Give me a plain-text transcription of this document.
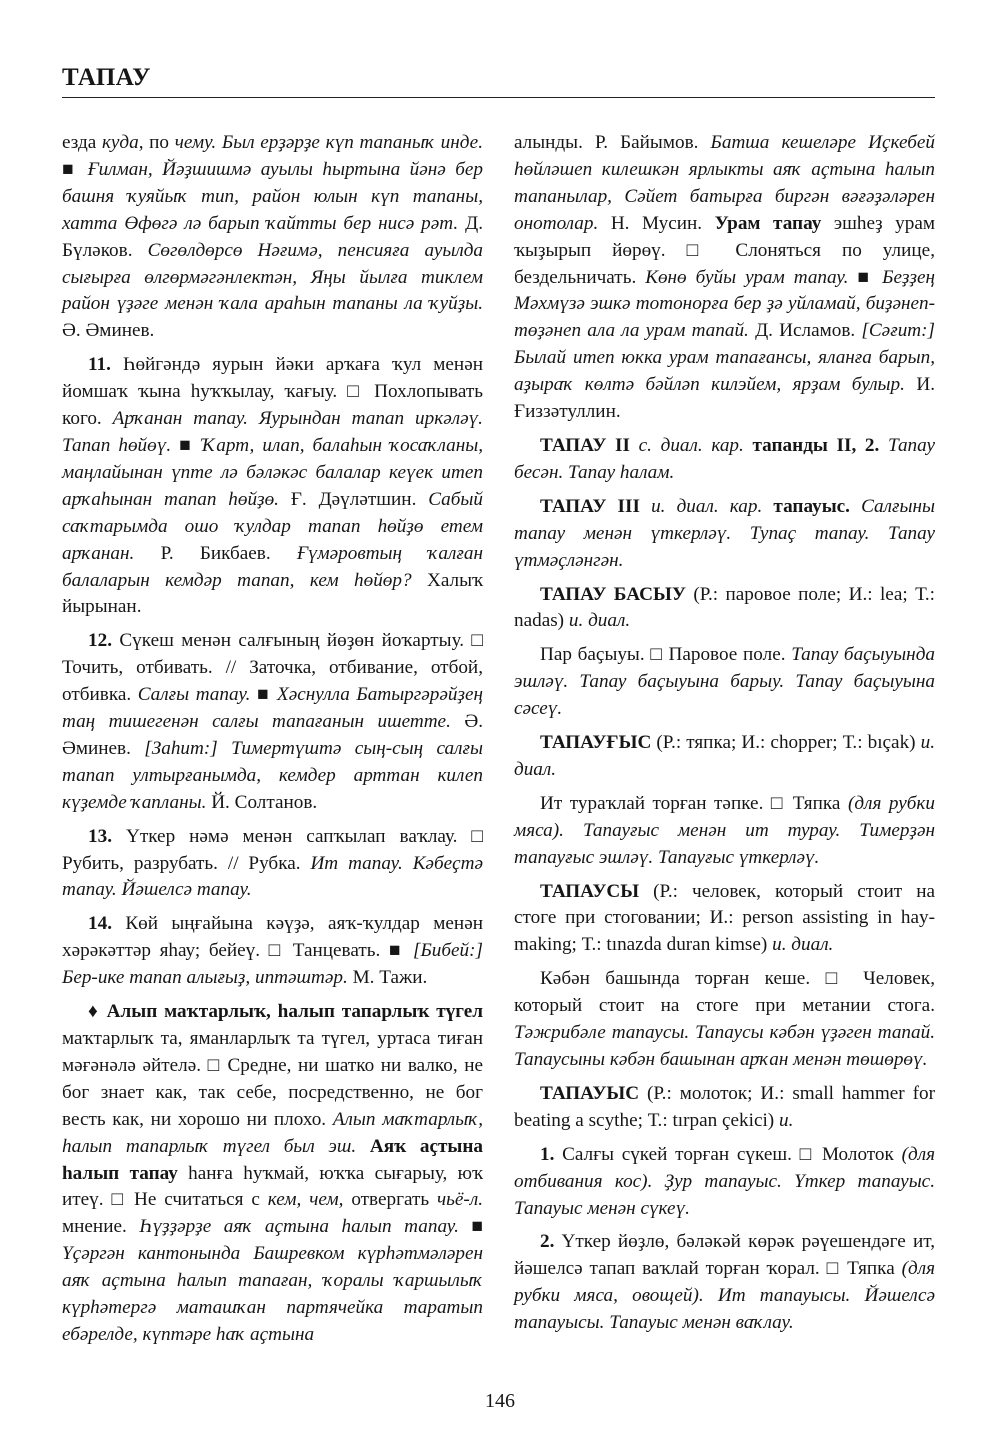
ТАПАУ

езда куда, по чему. Был ерҙәрҙе күп тапаныҡ инде. ■ Ғилман, Йәҙшишмә ауылы һыртына йәнә бер башня ҡуяйыҡ тип, район юлын күп тапаны, хатта Өфөгә лә барып ҡайтты бер нисә рәт. Д. Бүләков. Сөгөлдөрсө Нәғимә, пенсияға ауылда сығырға өлгөрмәгәнлектән, Яңы йылға тиклем район үҙәге менән ҡала араһын тапаны ла ҡуйҙы. Ә. Әминев.

11. Һөйгәндә яурын йәки арҡаға ҡул менән йомшаҡ ҡына һуҡҡылау, ҡағыу. □ Похлопывать кого. Арҡанан тапау. Яурындан тапап иркәләү. Тапап һөйөү. ■ Ҡарт, илап, балаһын ҡосаҡланы, маңлайынан үпте лә бәләкәс балалар кеүек итеп арҡаһынан тапап һөйҙө. Ғ. Дәүләтшин. Сабый саҡтарымда ошо ҡулдар тапап һөйҙө етем арҡанан. Р. Бикбаев. Ғүмәровтың ҡалған балаларын кемдәр тапап, кем һөйөр? Халыҡ йырынан.

12. Сүкеш менән салғының йөҙөн йоҡартыу. □ Точить, отбивать. // Заточка, отбивание, отбой, отбивка. Салғы тапау. ■ Хәснулла Батыргәрәйҙең таң тишегенән салғы тапағанын ишетте. Ә. Әминев. [Заһит:] Тимертүштә сың-сың салғы тапап ултырғанымда, кемдер арттан килеп күҙемде ҡапланы. Й. Солтанов.

13. Үткер нәмә менән сапҡылап ваҡлау. □ Рубить, разрубать. // Рубка. Ит тапау. Кәбеҫтә тапау. Йәшелсә тапау.

14. Көй ыңғайына кәүҙә, аяҡ-ҡулдар менән хәрәкәттәр яһау; бейеү. □ Танцевать. ■ [Бибей:] Бер-ике тапап алығыҙ, иптәштәр. М. Тажи.

♦ Алып маҡтарлыҡ, һалып тапарлыҡ түгел маҡтарлыҡ та, яманларлыҡ та түгел, уртаса тиған мәғәнәлә әйтелә. □ Средне, ни шатко ни валко, не бог знает как, так себе, посредственно, не бог весть как, ни хорошо ни плохо. Алып маҡтарлыҡ, һалып тапарлыҡ түгел был эш. Аяҡ аҫтына һалып тапау һанға һуҡмай, юҡҡа сығарыу, юҡ итеү. □ Не считаться с кем, чем, отвергать чьё-л. мнение. Һүҙҙәрҙе аяҡ аҫтына һалып тапау. ■ Үҫәргән кантонында Башревком күрһәтмәләрен аяҡ аҫтына һалып тапаған, ҡоралы ҡаршылыҡ күрһәтергә маташҡан партячейка таратып ебәрелде, күптәре һаҡ аҫтына

алынды. Р. Байымов. Батша кешеләре Иҫкебей һөйләшеп килешкән ярлыкты аяҡ аҫтына һалып тапанылар, Сәйет батырға биргән вәғәҙәләрен онотолар. Н. Мусин. Урам тапау эшһеҙ урам ҡыҙырып йөрөү. □ Слоняться по улице, бездельничать. Көнө буйы урам тапау. ■ Беҙҙең Мәхмүзә эшкә тотонорға бер ҙә уйламай, биҙәнеп-төҙәнеп ала ла урам тапай. Д. Исламов. [Сәғит:] Былай итеп юкка урам тапағансы, яланға барып, аҙыраҡ көлтә бәйләп килэйем, ярҙам булыр. И. Ғиззәтуллин.

ТАПАУ II с. диал. кар. тапанды II, 2. Тапау бесән. Тапау һалам.

ТАПАУ III и. диал. кар. тапауыс. Салғыны тапау менән үткерләү. Тупаҫ тапау. Тапау үтмәҫләнгән.

ТАПАУ БАСЫУ (Р.: паровое поле; И.: lea; Т.: nadas) и. диал.

Пар баҫыуы. □ Паровое поле. Тапау баҫыуында эшләү. Тапау баҫыуына барыу. Тапау баҫыуына сәсеү.

ТАПАУҒЫС (Р.: тяпка; И.: chopper; Т.: bıçak) и. диал.

Ит тураҡлай торған тәпке. □ Тяпка (для рубки мяса). Тапауғыс менән ит турау. Тимерҙән тапауғыс эшләү. Тапауғыс үткерләү.

ТАПАУСЫ (Р.: человек, который стоит на стоге при стоговании; И.: person assisting in hay-making; Т.: tınazda duran kimse) и. диал.

Кәбән башында торған кеше. □ Человек, который стоит на стоге при метании стога. Тәжрибәле тапаусы. Тапаусы кәбән үҙәген тапай. Тапаусыны кәбән башынан арҡан менән төшөрөү.

ТАПАУЫС (Р.: молоток; И.: small hammer for beating a scythe; Т.: tırpan çekici) и.

1. Салғы сүкей торған сүкеш. □ Молоток (для отбивания кос). Ҙур тапауыс. Үткер тапауыс. Тапауыс менән сүкеү.

2. Үткер йөҙлө, бәләкәй көрәк рәүешендәге ит, йәшелсә тапап ваҡлай торған ҡорал. □ Тяпка (для рубки мяса, овощей). Ит тапауысы. Йәшелсә тапауысы. Тапауыс менән ваҡлау.

146
